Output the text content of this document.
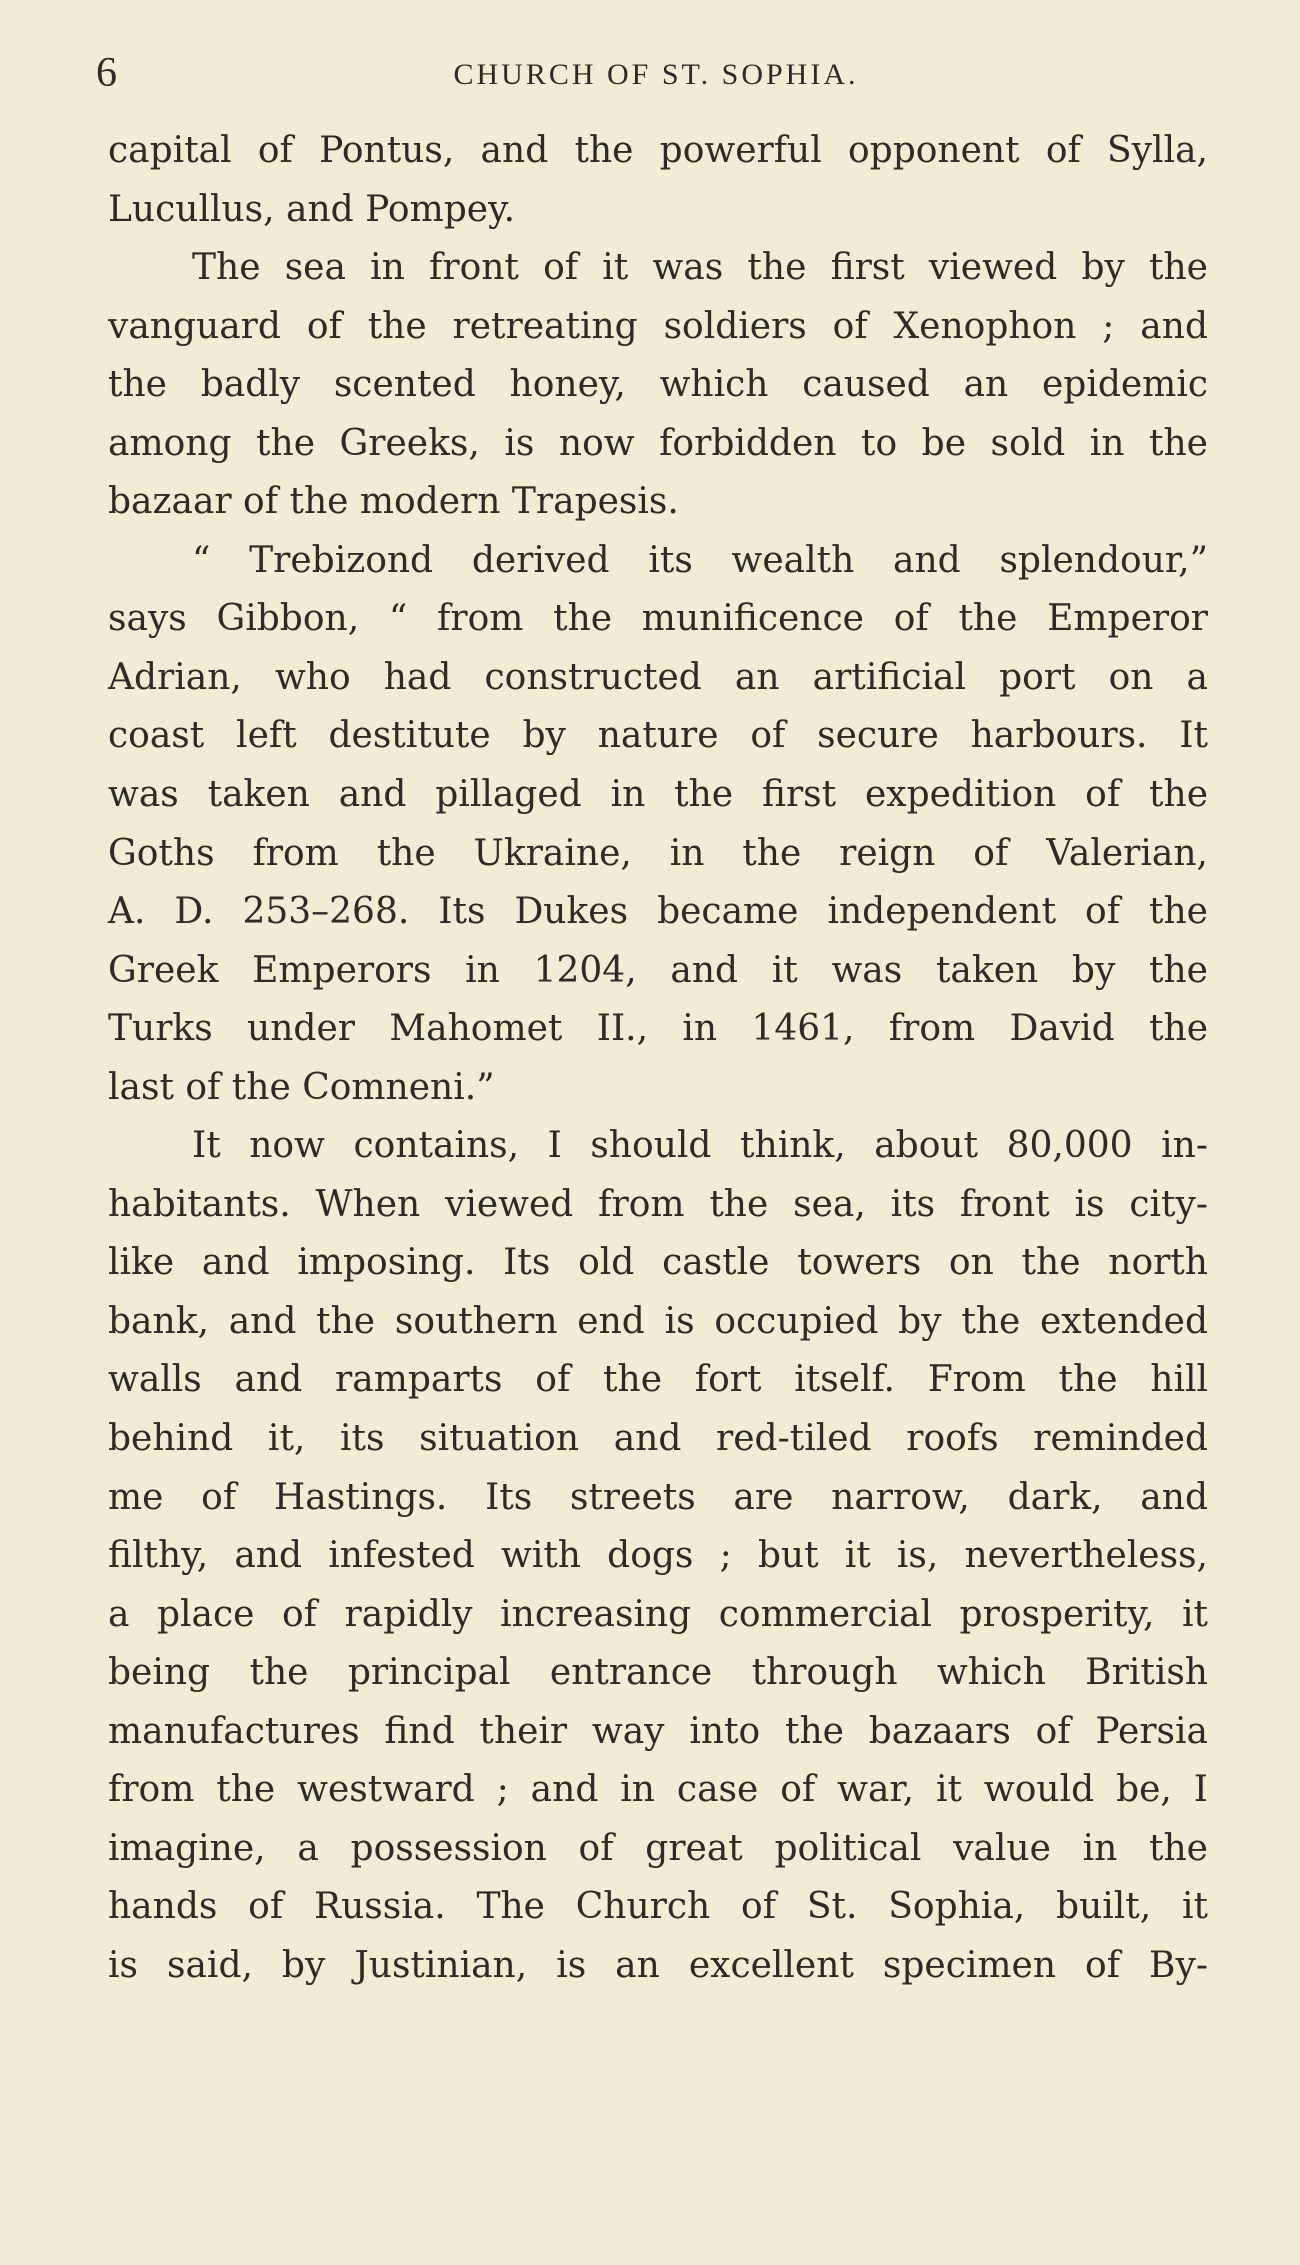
6	CHURCH OF ST. SOPHIA.
capital of Pontus, and the powerful opponent of Sylla,
Lucullus, and Pompey.
The sea in front of it was the first viewed by the
vanguard of the retreating soldiers of Xenophon ; and
the badly scented honey, which caused an epidemic
among the Greeks, is now forbidden to be sold in the
bazaar of the modern Trapesis.
“ Trebizond derived its wealth and splendour,”
says Gibbon, “ from the munificence of the Emperor
Adrian, who had constructed an artificial port on a
coast left destitute by nature of secure harbours. It
was taken and pillaged in the first expedition of the
Goths from the Ukraine, in the reign of Valerian,
A. D. 253–268. Its Dukes became independent of the
Greek Emperors in 1204, and it was taken by the
Turks under Mahomet II., in 1461, from David the
last of the Comneni.”
It now contains, I should think, about 80,000 in-
habitants. When viewed from the sea, its front is city-
like and imposing. Its old castle towers on the north
bank, and the southern end is occupied by the extended
walls and ramparts of the fort itself. From the hill
behind it, its situation and red-tiled roofs reminded
me of Hastings. Its streets are narrow, dark, and
filthy, and infested with dogs ; but it is, nevertheless,
a place of rapidly increasing commercial prosperity, it
being the principal entrance through which British
manufactures find their way into the bazaars of Persia
from the westward ; and in case of war, it would be, I
imagine, a possession of great political value in the
hands of Russia. The Church of St. Sophia, built, it
is said, by Justinian, is an excellent specimen of By-
